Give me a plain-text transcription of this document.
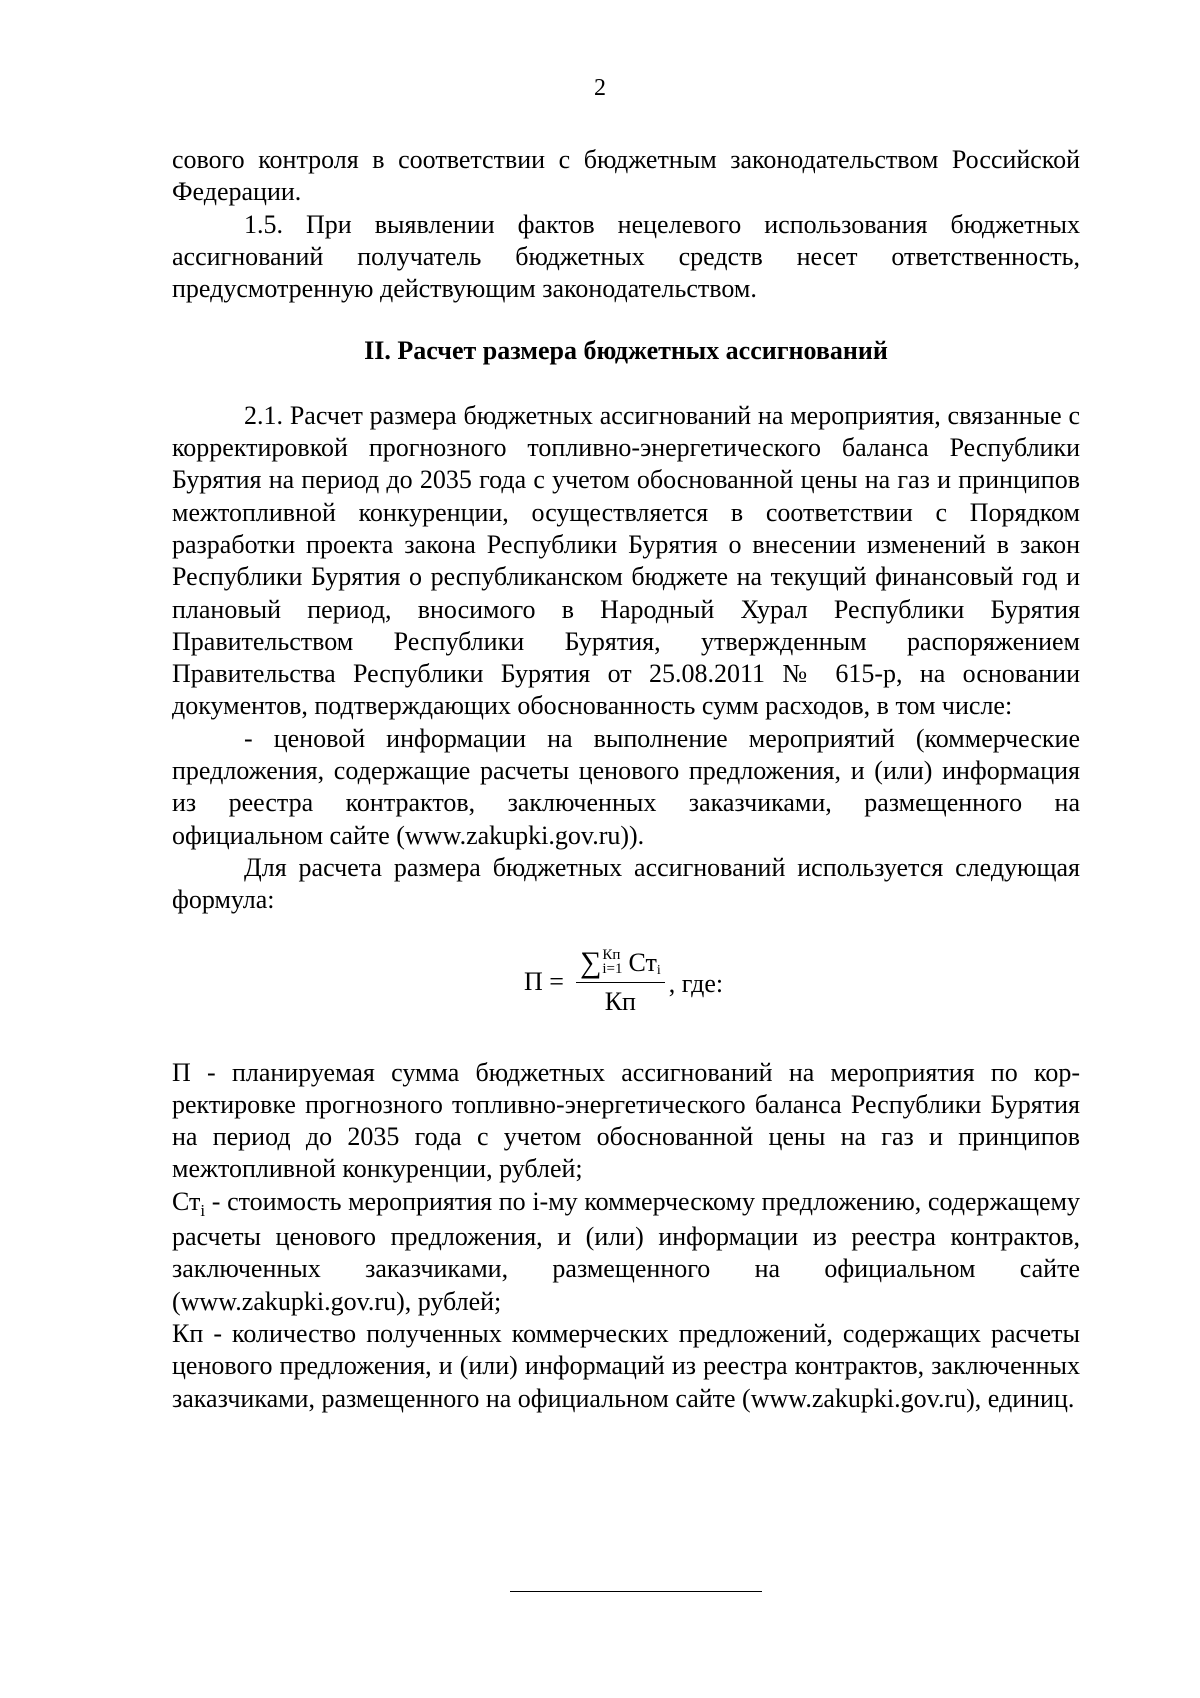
2

сового контроля в соответствии с бюджетным законодательством Российской Федерации.

1.5. При выявлении фактов нецелевого использования бюджетных ассигнований получатель бюджетных средств несет ответственность, предусмотренную действующим законодательством.

II. Расчет размера бюджетных ассигнований

2.1. Расчет размера бюджетных ассигнований на мероприятия, связанные с корректировкой прогнозного топливно-энергетического баланса Республики Бурятия на период до 2035 года с учетом обоснованной цены на газ и принципов межтопливной конкуренции, осуществляется в соответствии с Порядком разработки проекта закона Республики Бурятия о внесении изменений в закон Республики Бурятия о республиканском бюджете на текущий финансовый год и плановый период, вносимого в Народный Хурал Республики Бурятия Правительством Республики Бурятия, утвержденным распоряжением Правительства Республики Бурятия от 25.08.2011 № 615-р, на основании документов, подтверждающих обоснованность сумм расходов, в том числе:

- ценовой информации на выполнение мероприятий (коммерческие предложения, содержащие расчеты ценового предложения, и (или) информация из реестра контрактов, заключенных заказчиками, размещенного на официальном сайте (www.zakupki.gov.ru)).

Для расчета размера бюджетных ассигнований используется следующая формула:

П =
∑ Кп
i=1 Ст i
Кп
, где:

П - планируемая сумма бюджетных ассигнований на мероприятия по корректировке прогнозного топливно-энергетического баланса Республики Бурятия на период до 2035 года с учетом обоснованной цены на газ и принципов межтопливной конкуренции, рублей;

$Ст_i$ - стоимость мероприятия по i-му коммерческому предложению, содержащему расчеты ценового предложения, и (или) информации из реестра контрактов, заключенных заказчиками, размещенного на официальном сайте (www.zakupki.gov.ru), рублей;

Кп - количество полученных коммерческих предложений, содержащих расчеты ценового предложения, и (или) информаций из реестра контрактов, заключенных заказчиками, размещенного на официальном сайте (www.zakupki.gov.ru), единиц.
